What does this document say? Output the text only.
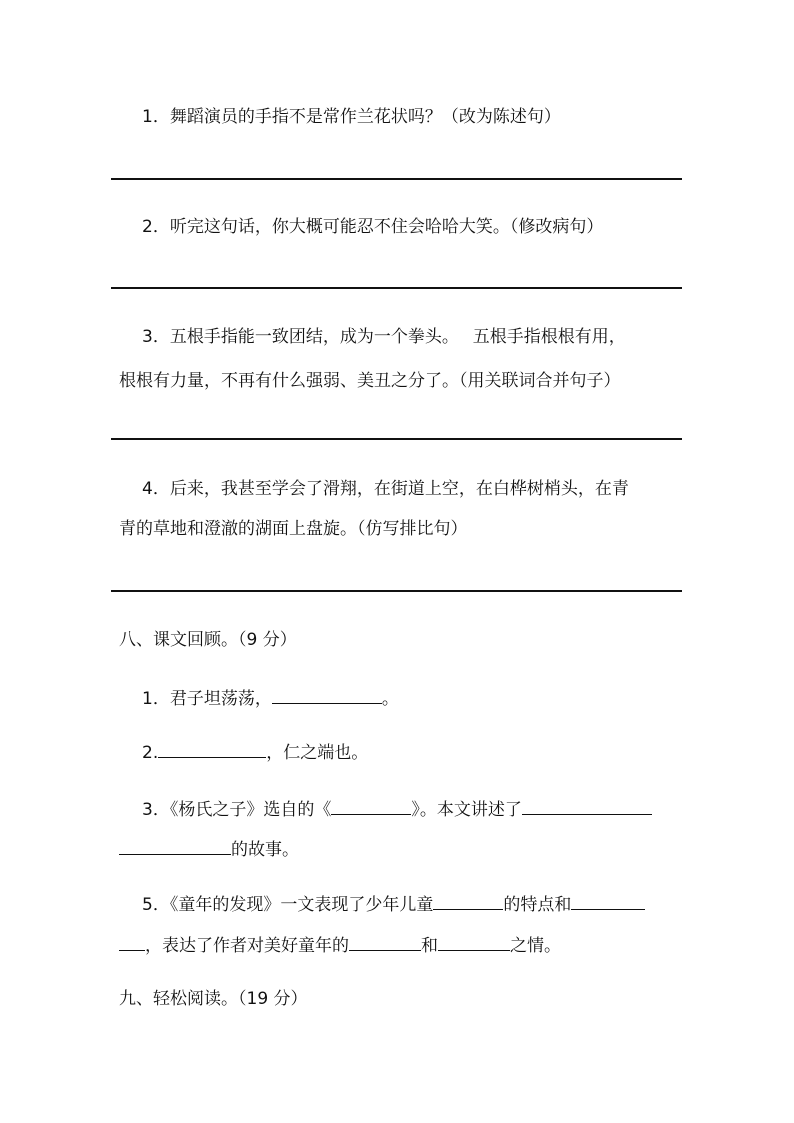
1．舞蹈演员的手指不是常作兰花状吗？（改为陈述句）
2．听完这句话，你大概可能忍不住会哈哈大笑。（修改病句）
3．五根手指能一致团结，成为一个拳头。　 五根手指根根有用，
根根有力量，不再有什么强弱、美丑之分了。（用关联词合并句子）
4．后来，我甚至学会了滑翔，在街道上空，在白桦树梢头，在青
青的草地和澄澈的湖面上盘旋。（仿写排比句）
八、课文回顾。（9 分）
1．君子坦荡荡，	。
2.	，仁之端也。
3．《杨氏之子》选自的《	》。本文讲述了
的故事。
5．《童年的发现》一文表现了少年儿童	的特点和
，表达了作者对美好童年的	和	之情。
九、轻松阅读。（19 分）
